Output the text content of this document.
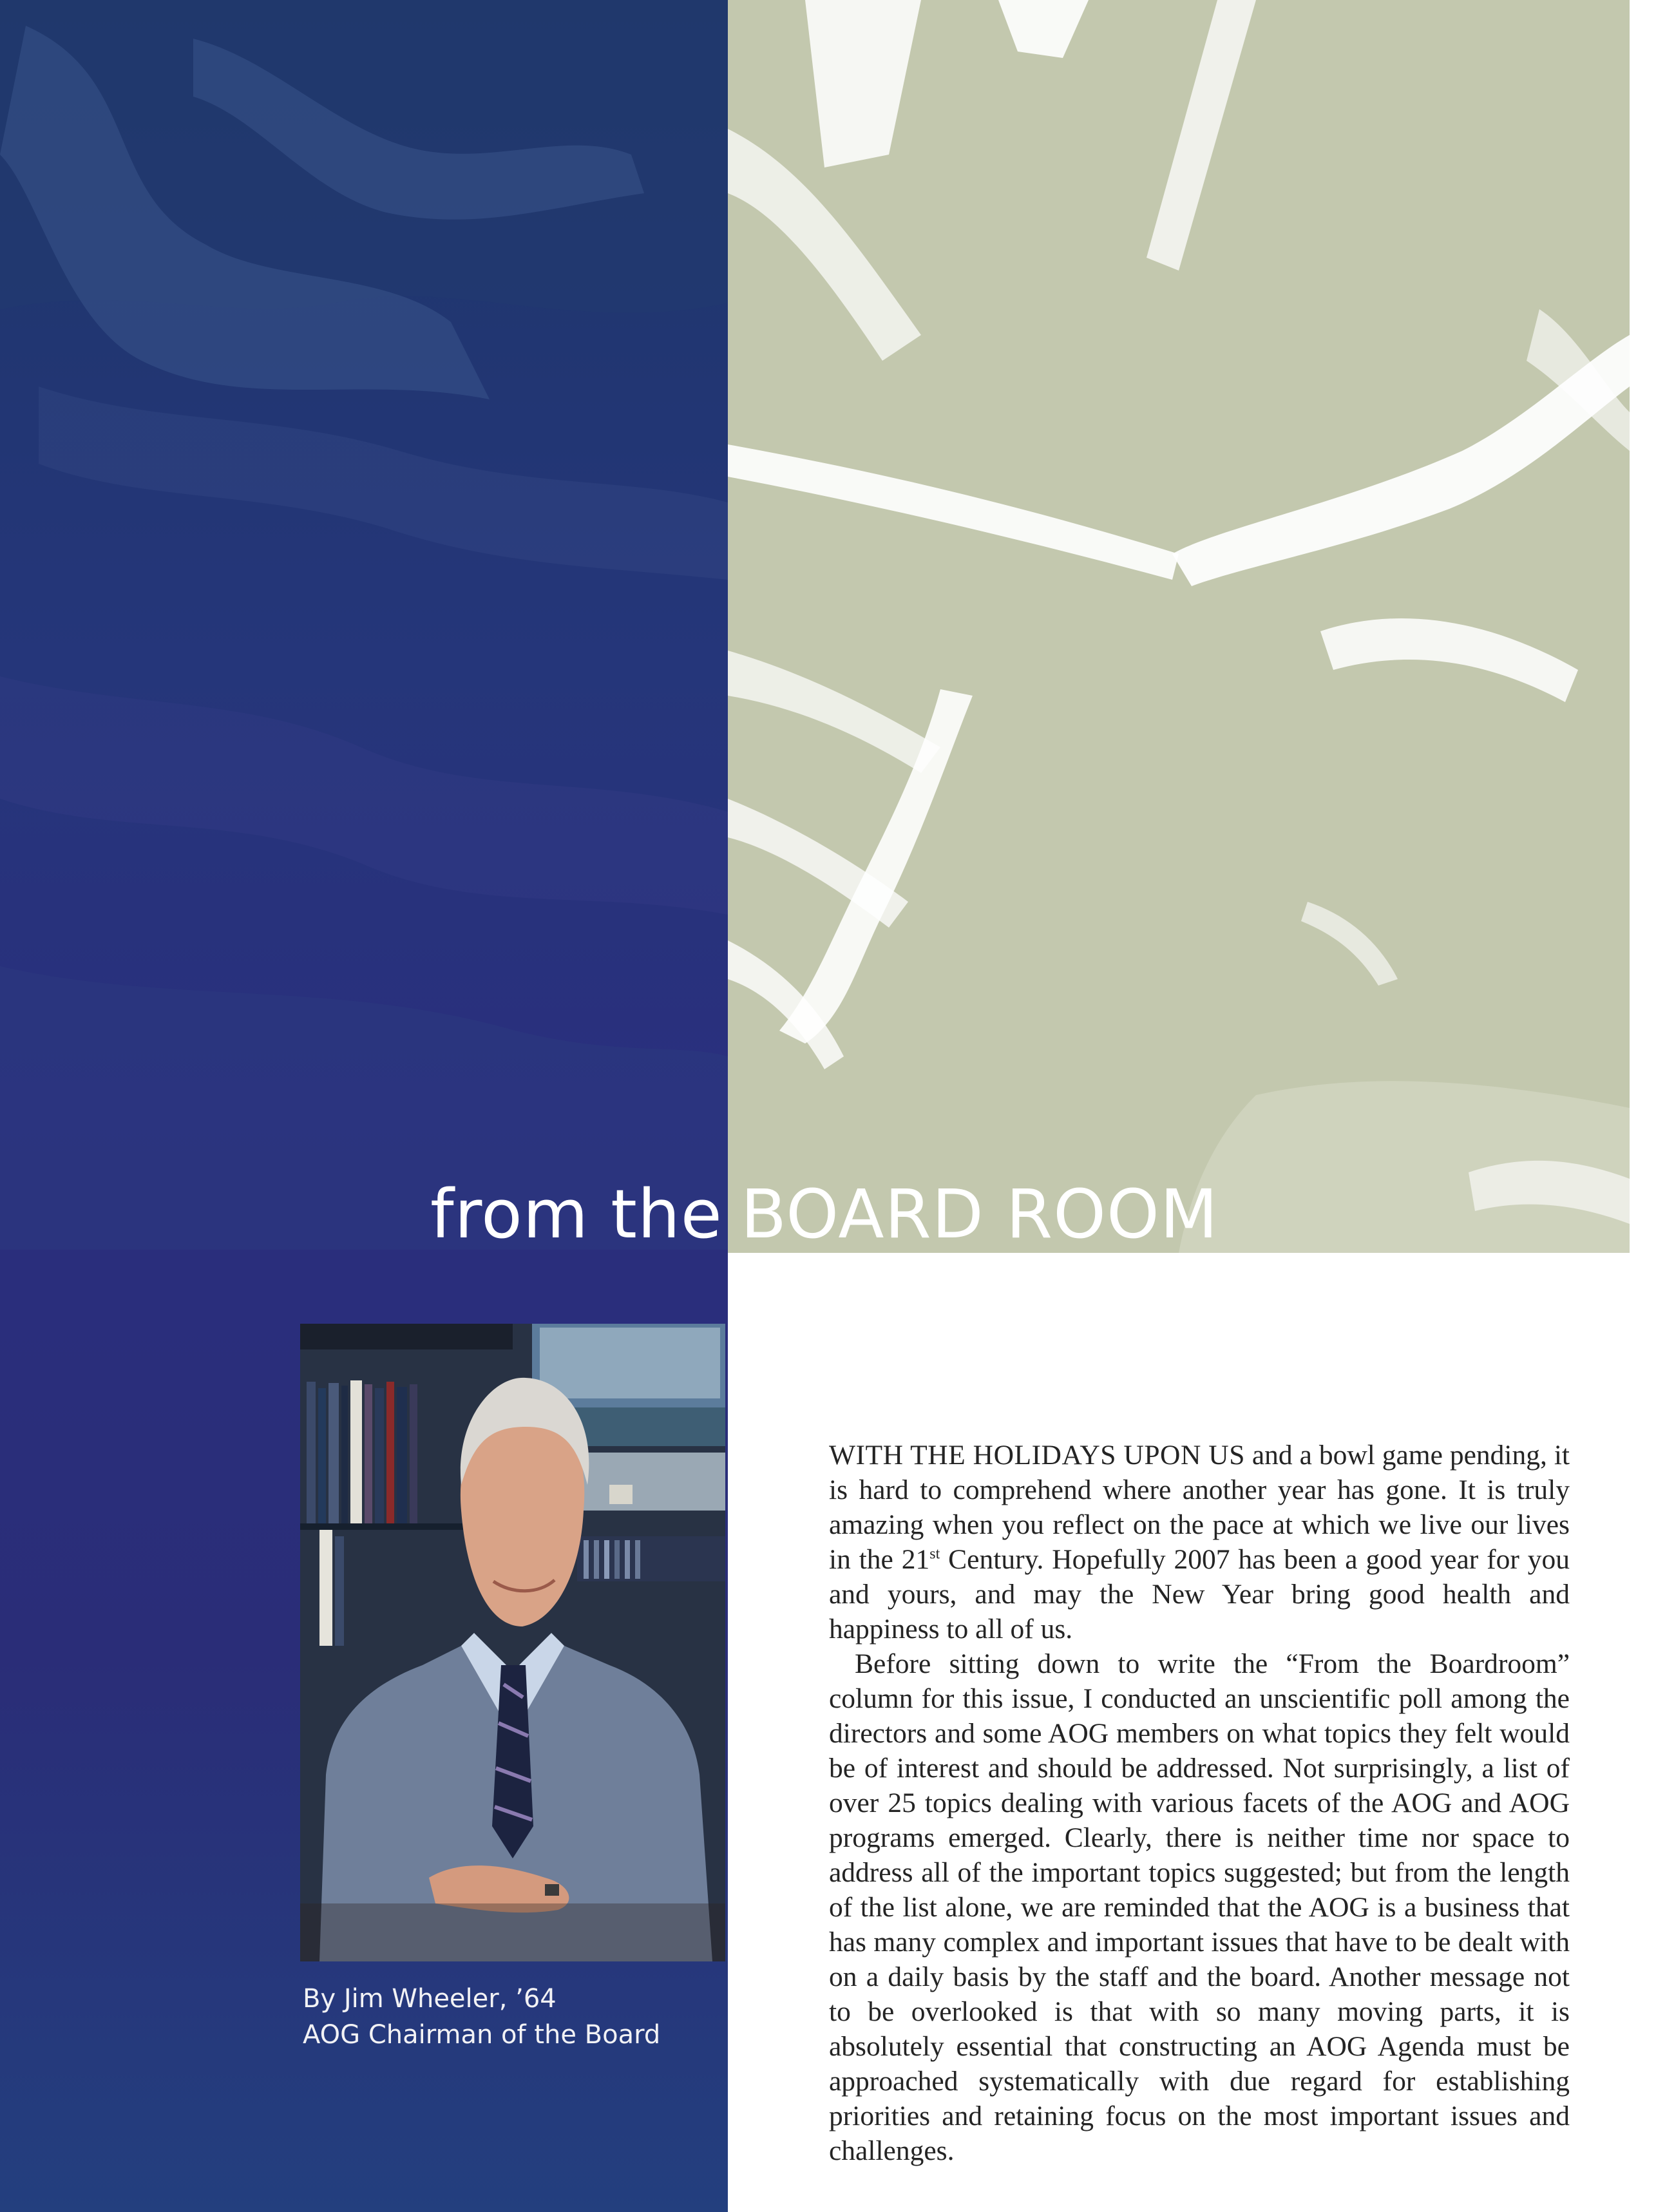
from the BOARD ROOM
By Jim Wheeler, ’64
AOG Chairman of the Board

WITH THE HOLIDAYS UPON US and a bowl game pending, it is hard to comprehend where another year has gone. It is truly amazing when you reflect on the pace at which we live our lives in the 21st Century. Hopefully 2007 has been a good year for you and yours, and may the New Year bring good health and happiness to all of us.

Before sitting down to write the “From the Boardroom” column for this issue, I conducted an unscientific poll among the directors and some AOG members on what topics they felt would be of interest and should be addressed. Not surprisingly, a list of over 25 topics dealing with various facets of the AOG and AOG programs emerged. Clearly, there is neither time nor space to address all of the important topics suggested; but from the length of the list alone, we are reminded that the AOG is a business that has many complex and important issues that have to be dealt with on a daily basis by the staff and the board. Another message not to be overlooked is that with so many moving parts, it is absolutely essential that constructing an AOG Agenda must be approached systematically with due regard for establishing priorities and retaining focus on the most important issues and challenges.
